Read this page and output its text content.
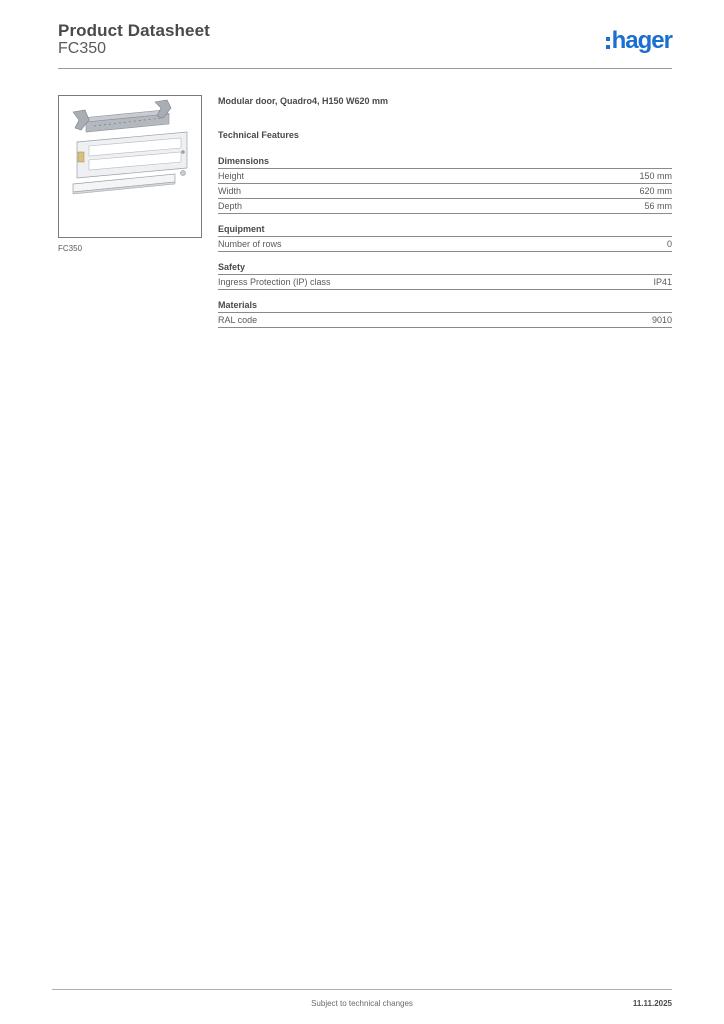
Product Datasheet
FC350	hager
FC350
Modular door, Quadro4, H150 W620 mm
Technical Features
Dimensions
Height	150 mm
Width	620 mm
Depth	56 mm
Equipment
Number of rows	0
Safety
Ingress Protection (IP) class	IP41
Materials
RAL code	9010
Subject to technical changes	11.11.2025
